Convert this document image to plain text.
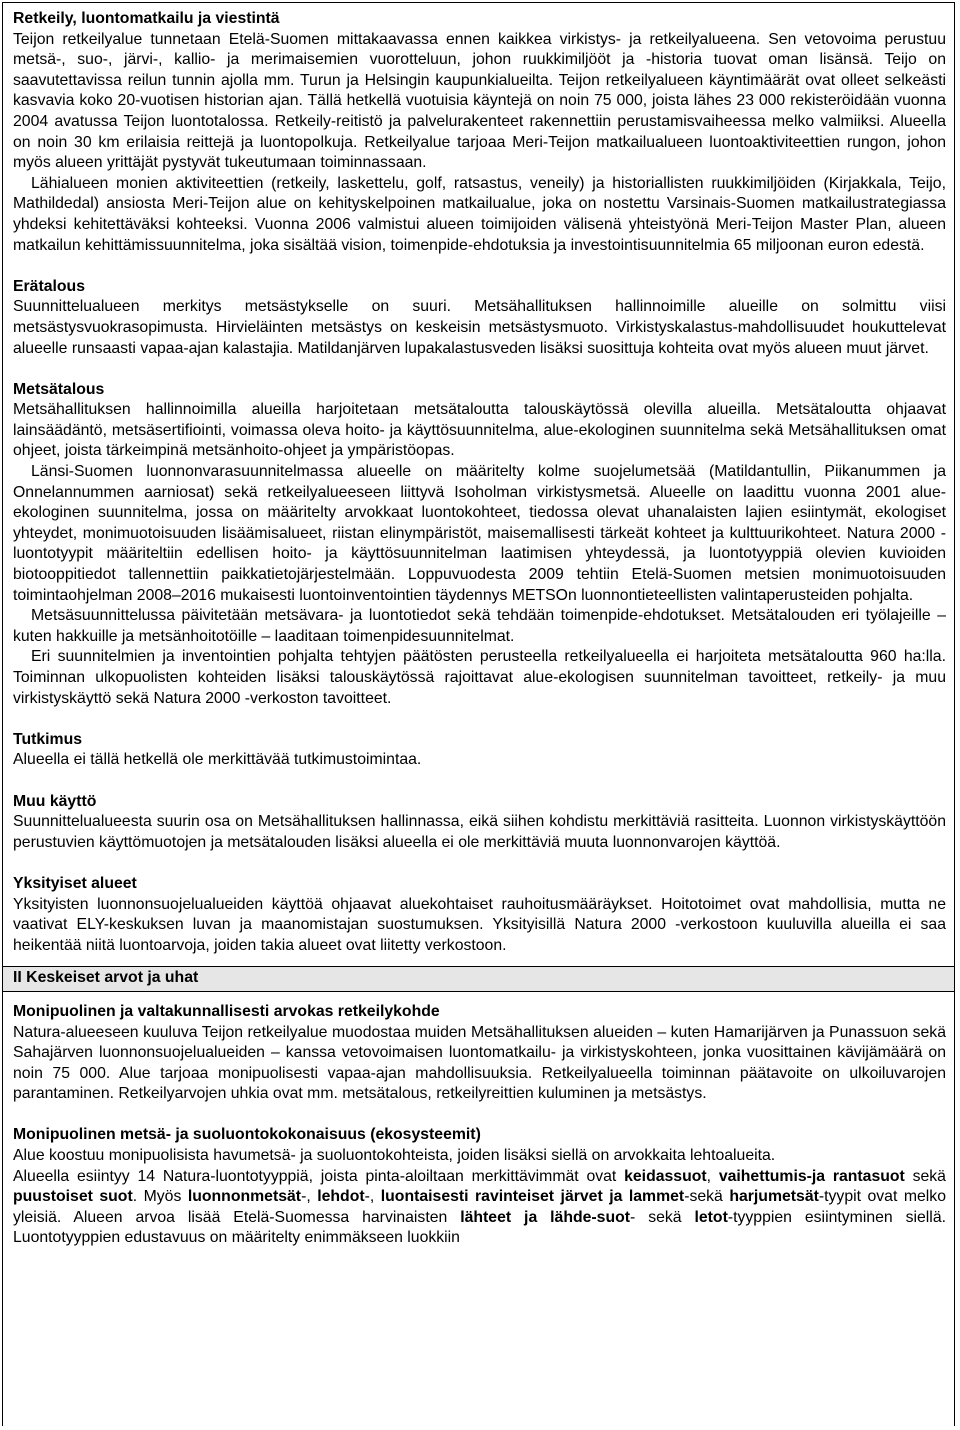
Retkeily, luontomatkailu ja viestintä

Teijon retkeilyalue tunnetaan Etelä-Suomen mittakaavassa ennen kaikkea virkistys- ja retkeilyalueena. Sen vetovoima perustuu metsä-, suo-, järvi-, kallio- ja merimaisemien vuorotteluun, johon ruukkimiljööt ja -historia tuovat oman lisänsä. Teijo on saavutettavissa reilun tunnin ajolla mm. Turun ja Helsingin kaupunkialueilta. Teijon retkeilyalueen käyntimäärät ovat olleet selkeästi kasvavia koko 20-vuotisen historian ajan. Tällä hetkellä vuotuisia käyntejä on noin 75 000, joista lähes 23 000 rekisteröidään vuonna 2004 avatussa Teijon luontotalossa. Retkeily-reitistö ja palvelurakenteet rakennettiin perustamisvaiheessa melko valmiiksi. Alueella on noin 30 km erilaisia reittejä ja luontopolkuja. Retkeilyalue tarjoaa Meri-Teijon matkailualueen luontoaktiviteettien rungon, johon myös alueen yrittäjät pystyvät tukeutumaan toiminnassaan.

Lähialueen monien aktiviteettien (retkeily, laskettelu, golf, ratsastus, veneily) ja historiallisten ruukkimiljöiden (Kirjakkala, Teijo, Mathildedal) ansiosta Meri-Teijon alue on kehityskelpoinen matkailualue, joka on nostettu Varsinais-Suomen matkailustrategiassa yhdeksi kehitettäväksi kohteeksi. Vuonna 2006 valmistui alueen toimijoiden välisenä yhteistyönä Meri-Teijon Master Plan, alueen matkailun kehittämissuunnitelma, joka sisältää vision, toimenpide-ehdotuksia ja investointisuunnitelmia 65 miljoonan euron edestä.

Erätalous

Suunnittelualueen merkitys metsästykselle on suuri. Metsähallituksen hallinnoimille alueille on solmittu viisi metsästysvuokrasopimusta. Hirvieläinten metsästys on keskeisin metsästysmuoto. Virkistyskalastus-mahdollisuudet houkuttelevat alueelle runsaasti vapaa-ajan kalastajia. Matildanjärven lupakalastusveden lisäksi suosittuja kohteita ovat myös alueen muut järvet.

Metsätalous

Metsähallituksen hallinnoimilla alueilla harjoitetaan metsätaloutta talouskäytössä olevilla alueilla. Metsätaloutta ohjaavat lainsäädäntö, metsäsertifiointi, voimassa oleva hoito- ja käyttösuunnitelma, alue-ekologinen suunnitelma sekä Metsähallituksen omat ohjeet, joista tärkeimpinä metsänhoito-ohjeet ja ympäristöopas.

Länsi-Suomen luonnonvarasuunnitelmassa alueelle on määritelty kolme suojelumetsää (Matildantullin, Piikanummen ja Onnelannummen aarniosat) sekä retkeilyalueeseen liittyvä Isoholman virkistysmetsä. Alueelle on laadittu vuonna 2001 alue-ekologinen suunnitelma, jossa on määritelty arvokkaat luontokohteet, tiedossa olevat uhanalaisten lajien esiintymät, ekologiset yhteydet, monimuotoisuuden lisäämisalueet, riistan elinympäristöt, maisemallisesti tärkeät kohteet ja kulttuurikohteet. Natura 2000 -luontotyypit määriteltiin edellisen hoito- ja käyttösuunnitelman laatimisen yhteydessä, ja luontotyyppiä olevien kuvioiden biotooppitiedot tallennettiin paikkatietojärjestelmään. Loppuvuodesta 2009 tehtiin Etelä-Suomen metsien monimuotoisuuden toimintaohjelman 2008–2016 mukaisesti luontoinventointien täydennys METSOn luonnontieteellisten valintaperusteiden pohjalta.

Metsäsuunnittelussa päivitetään metsävara- ja luontotiedot sekä tehdään toimenpide-ehdotukset. Metsätalouden eri työlajeille – kuten hakkuille ja metsänhoitotöille – laaditaan toimenpidesuunnitelmat.

Eri suunnitelmien ja inventointien pohjalta tehtyjen päätösten perusteella retkeilyalueella ei harjoiteta metsätaloutta 960 ha:lla. Toiminnan ulkopuolisten kohteiden lisäksi talouskäytössä rajoittavat alue-ekologisen suunnitelman tavoitteet, retkeily- ja muu virkistyskäyttö sekä Natura 2000 -verkoston tavoitteet.

Tutkimus

Alueella ei tällä hetkellä ole merkittävää tutkimustoimintaa.

Muu käyttö

Suunnittelualueesta suurin osa on Metsähallituksen hallinnassa, eikä siihen kohdistu merkittäviä rasitteita. Luonnon virkistyskäyttöön perustuvien käyttömuotojen ja metsätalouden lisäksi alueella ei ole merkittäviä muuta luonnonvarojen käyttöä.

Yksityiset alueet

Yksityisten luonnonsuojelualueiden käyttöä ohjaavat aluekohtaiset rauhoitusmääräykset. Hoitotoimet ovat mahdollisia, mutta ne vaativat ELY-keskuksen luvan ja maanomistajan suostumuksen. Yksityisillä Natura 2000 -verkostoon kuuluvilla alueilla ei saa heikentää niitä luontoarvoja, joiden takia alueet ovat liitetty verkostoon.

II Keskeiset arvot ja uhat

Monipuolinen ja valtakunnallisesti arvokas retkeilykohde

Natura-alueeseen kuuluva Teijon retkeilyalue muodostaa muiden Metsähallituksen alueiden – kuten Hamarijärven ja Punassuon sekä Sahajärven luonnonsuojelualueiden – kanssa vetovoimaisen luontomatkailu- ja virkistyskohteen, jonka vuosittainen kävijämäärä on noin 75 000. Alue tarjoaa monipuolisesti vapaa-ajan mahdollisuuksia. Retkeilyalueella toiminnan päätavoite on ulkoiluvarojen parantaminen. Retkeilyarvojen uhkia ovat mm. metsätalous, retkeilyreittien kuluminen ja metsästys.

Monipuolinen metsä- ja suoluontokokonaisuus (ekosysteemit)

Alue koostuu monipuolisista havumetsä- ja suoluontokohteista, joiden lisäksi siellä on arvokkaita lehtoalueita.

Alueella esiintyy 14 Natura-luontotyyppiä, joista pinta-aloiltaan merkittävimmät ovat keidassuot, vaihettumis-ja rantasuot sekä puustoiset suot. Myös luonnonmetsät-, lehdot-, luontaisesti ravinteiset järvet ja lammet-sekä harjumetsät-tyypit ovat melko yleisiä. Alueen arvoa lisää Etelä-Suomessa harvinaisten lähteet ja lähde-suot- sekä letot-tyyppien esiintyminen siellä. Luontotyyppien edustavuus on määritelty enimmäkseen luokkiin
